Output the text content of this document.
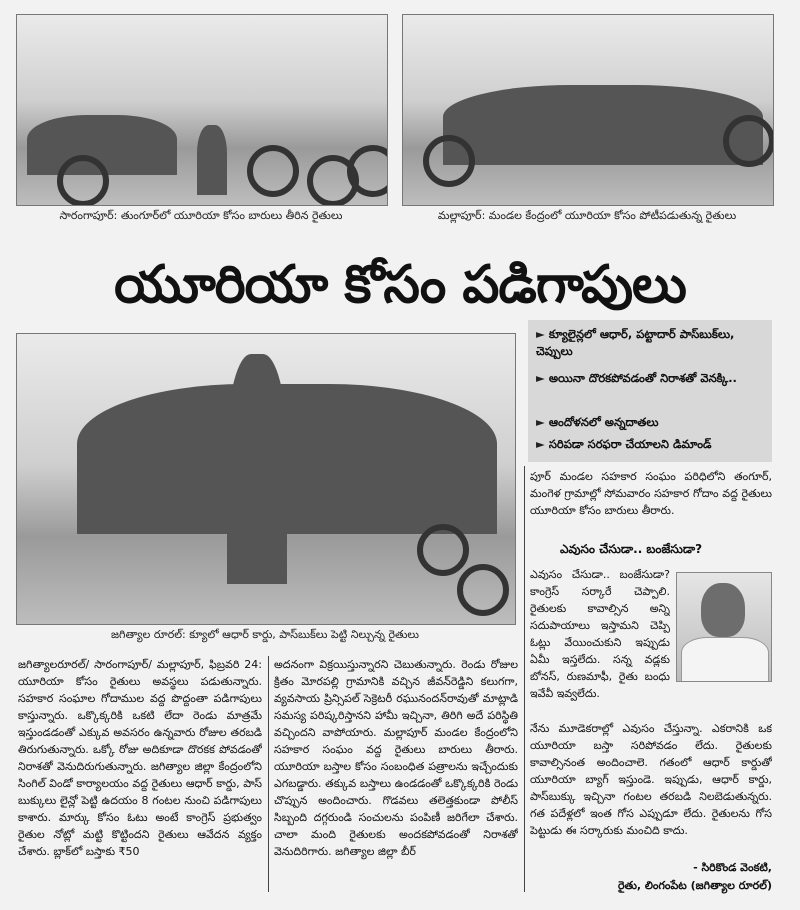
సారంగాపూర్: తుంగూర్‌లో యూరియా కోసం బారులు తీరిన రైతులు	మల్లాపూర్: మండల కేంద్రంలో యూరియా కోసం పోటీపడుతున్న రైతులు
యూరియా కోసం పడిగాపులు
జగిత్యాల రూరల్: క్యూలో ఆధార్ కార్డు, పాస్‌బుక్‌లు పెట్టి నిల్చున్న రైతులు
► క్యూలైన్లలో ఆధార్, పట్టాదార్ పాస్‌బుక్‌లు, చెప్పులు
► అయినా దొరకపోవడంతో నిరాశతో వెనక్కి..
► ఆందోళనలో అన్నదాతలు
► సరిపడా సరఫరా చేయాలని డిమాండ్
పూర్ మండల సహకార సంఘం పరిధిలోని తంగూర్, మంగెళ గ్రామాల్లో సోమవారం సహకార గోదాం వద్ద రైతులు యూరియా కోసం బారులు తీరారు.
ఎవుసం చేసుడా.. బంజేసుడా?
ఎవుసం చేసుడా.. బంజేసుడా? కాంగ్రెస్ సర్కారే చెప్పాలి. రైతులకు కావాల్సిన అన్ని సదుపాయాలు ఇస్తామని చెప్పి ఓట్లు వేయించుకుని ఇప్పుడు ఏమీ ఇస్తలేదు. సన్న వడ్లకు బోనస్, రుణమాఫీ, రైతు బంధు ఇవేవీ ఇవ్వలేదు.
నేను మూడెకరాల్లో ఎవుసం చేస్తున్నా. ఎకరానికి ఒక యూరియా బస్తా సరిపోవడం లేదు. రైతులకు కావాల్సినంత అందించాలె. గతంలో ఆధార్ కార్డుతో యూరియా బ్యాగ్ ఇస్తుండె. ఇప్పుడు, ఆధార్ కార్డు, పాస్‌బుక్కు ఇచ్చినా గంటల తరబడి నిలబెడుతున్నరు. గత పదేళ్లలో ఇంత గోస ఎప్పుడూ లేదు. రైతులను గోస పెట్టుడు ఈ సర్కారుకు మంచిది కాదు.
- సిరికొండ వెంకటి,
రైతు, లింగంపేట (జగిత్యాల రూరల్)
జగిత్యాలరూరల్/ సారంగాపూర్/ మల్లాపూర్, ఫిబ్రవరి 24: యూరియా కోసం రైతులు అవస్థలు పడుతున్నారు. సహకార సంఘాల గోదాముల వద్ద పొద్దంతా పడిగాపులు కాస్తున్నారు. ఒక్కొక్కరికి ఒకటి లేదా రెండు మాత్రమే ఇస్తుండడంతో ఎక్కువ అవసరం ఉన్నవారు రోజుల తరబడి తిరుగుతున్నారు. ఒక్కో రోజు అదికూడా దొరకక పోవడంతో నిరాశతో వెనుదిరుగుతున్నారు. జగిత్యాల జిల్లా కేంద్రంలోని సింగిల్ విండో కార్యాలయం వద్ద రైతులు ఆధార్ కార్డు, పాస్ బుక్కులు లైన్లో పెట్టి ఉదయం 8 గంటల నుంచి పడిగాపులు కాశారు. మార్కు కోసం ఓటు అంటే కాంగ్రెస్ ప్రభుత్వం రైతుల నోట్లో మట్టి కొట్టిందని రైతులు ఆవేదన వ్యక్తం చేశారు. బ్లాక్‌లో బస్తాకు ₹50
అదనంగా విక్రయిస్తున్నారని చెబుతున్నారు. రెండు రోజుల క్రితం మోరపల్లి గ్రామానికి వచ్చిన జీవన్‌రెడ్డిని కలుగగా, వ్యవసాయ ప్రిన్సిపల్ సెక్రెటరీ రఘునందన్‌రావుతో మాట్లాడి సమస్య పరిష్కరిస్తానని హామీ ఇచ్చినా, తిరిగి అదే పరిస్థితి వచ్చిందని వాపోయారు. మల్లాపూర్ మండల కేంద్రంలోని సహకార సంఘం వద్ద రైతులు బారులు తీరారు. యూరియా బస్తాల కోసం సంబంధిత పత్రాలను ఇచ్చేందుకు ఎగబడ్డారు. తక్కువ బస్తాలు ఉండడంతో ఒక్కొక్కరికి రెండు చొప్పున అందించారు. గొడవలు తలెత్తకుండా పోలీస్ సిబ్బంది దగ్గరుండి సంచులను పంపిణీ జరిగేలా చేశారు. చాలా మంది రైతులకు అందకపోవడంతో నిరాశతో వెనుదిరిగారు. జగిత్యాల జిల్లా బీర్
